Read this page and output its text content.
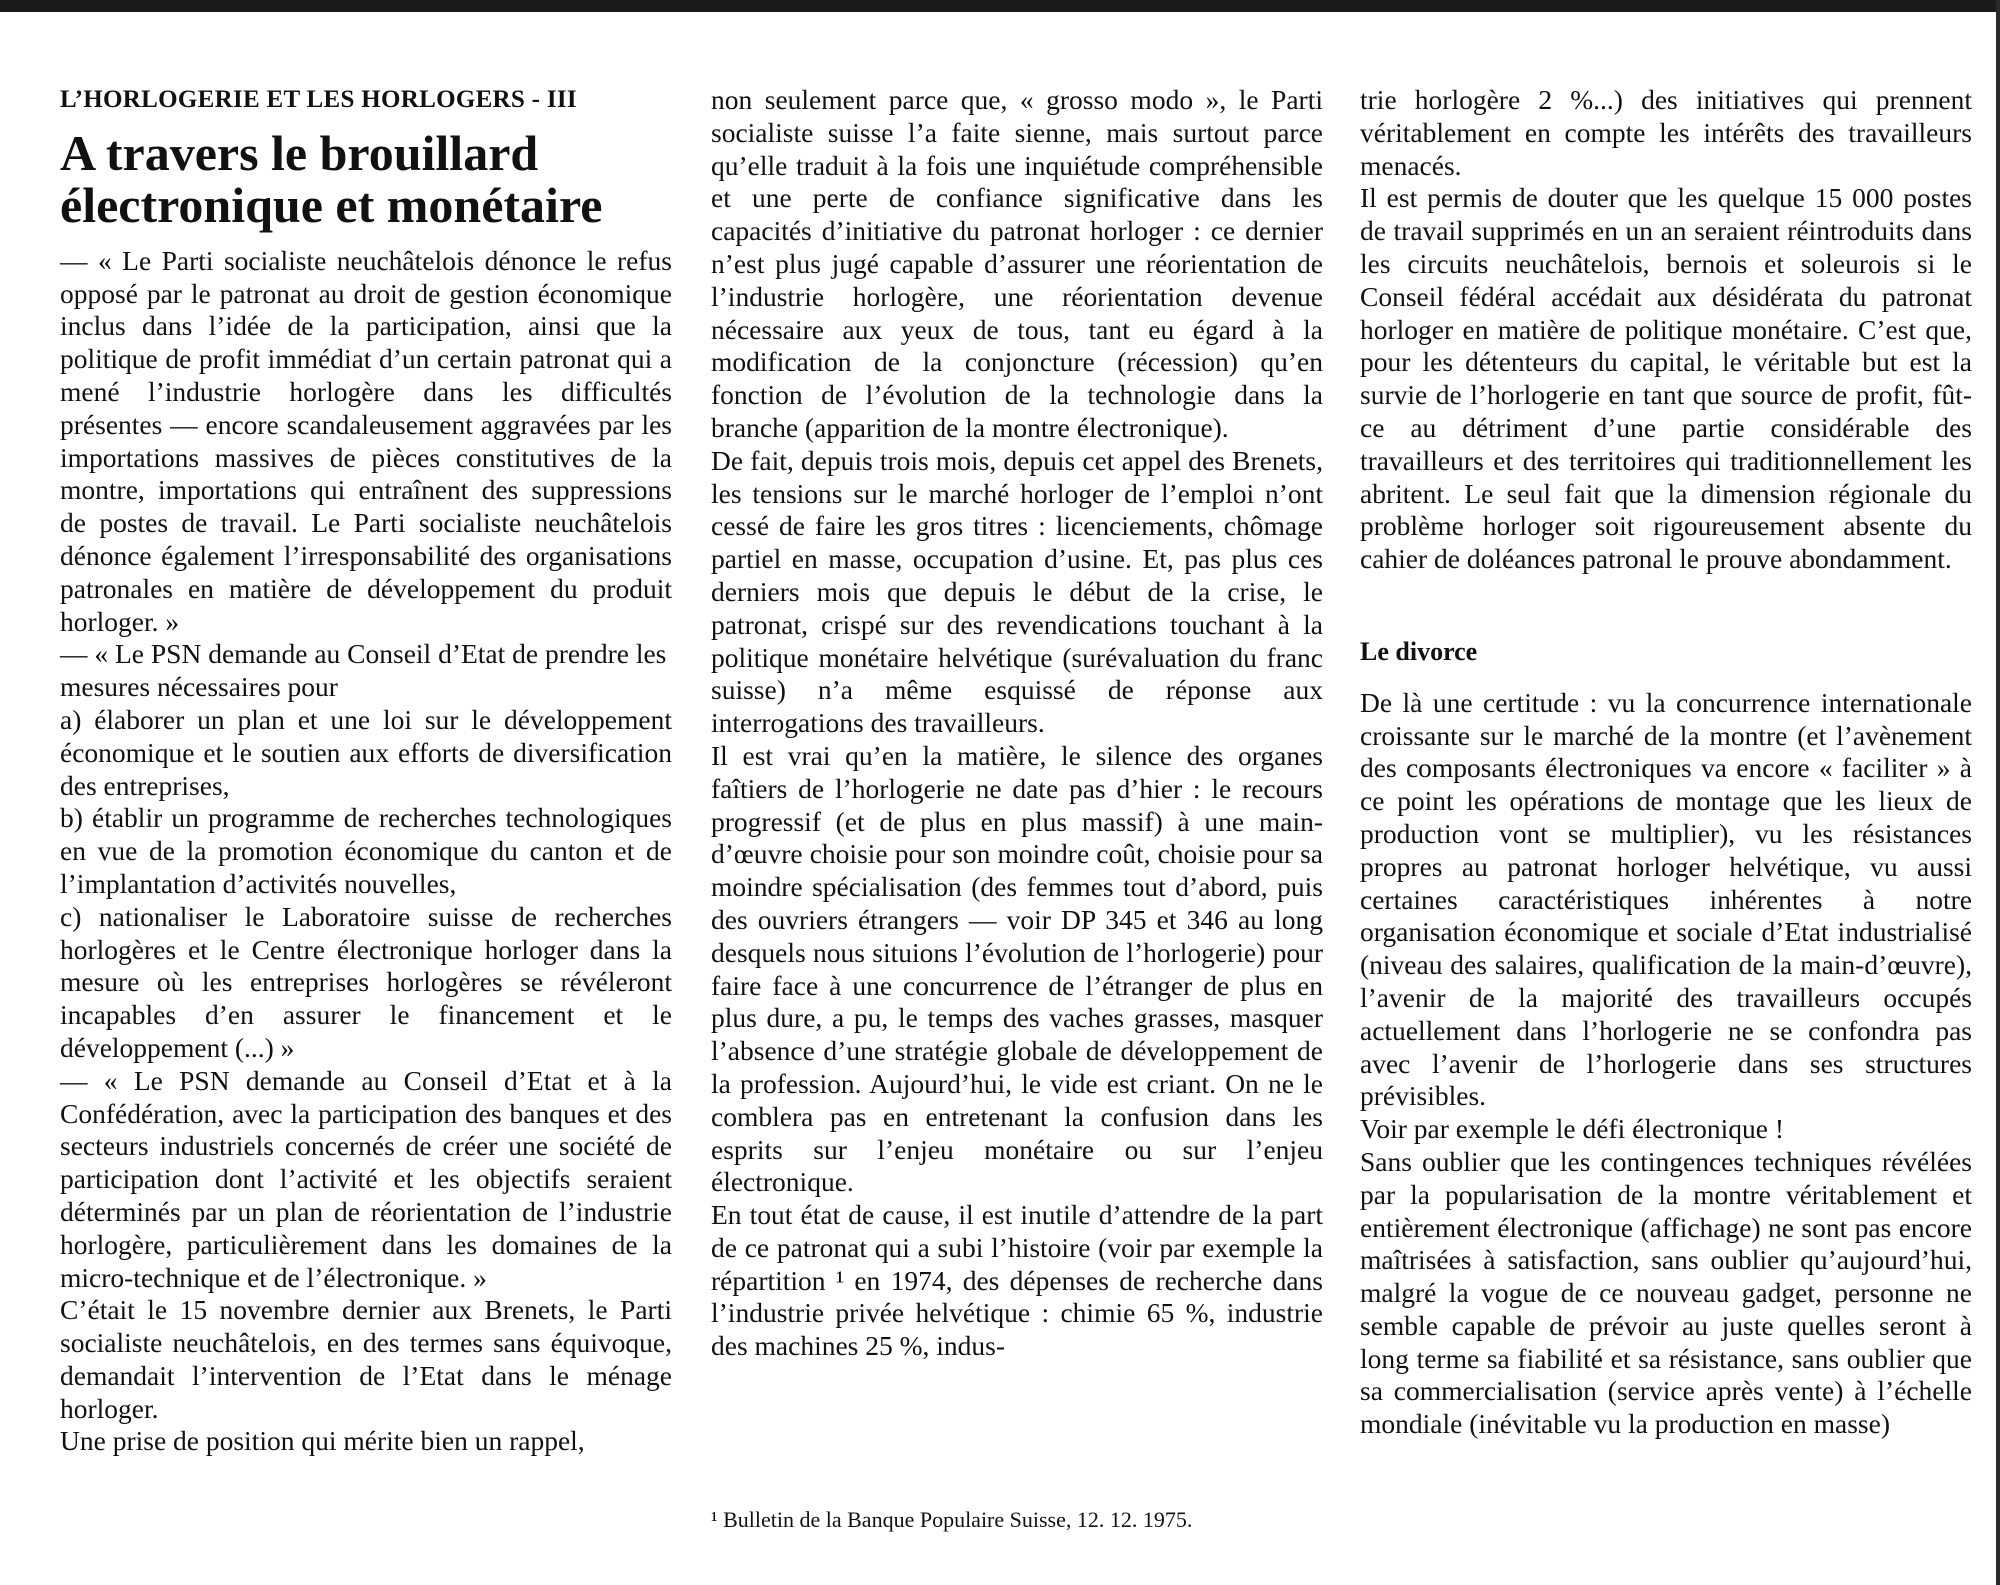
L’HORLOGERIE ET LES HORLOGERS - III

A travers le brouillard
électronique et monétaire

— « Le Parti socialiste neuchâtelois dénonce le refus opposé par le patronat au droit de gestion économique inclus dans l’idée de la participation, ainsi que la politique de profit immédiat d’un certain patronat qui a mené l’industrie horlogère dans les difficultés présentes — encore scandaleusement aggravées par les importations massives de pièces constitutives de la montre, importations qui entraînent des suppressions de postes de travail. Le Parti socialiste neuchâtelois dénonce également l’irresponsabilité des organisations patronales en matière de développement du produit horloger. »

— « Le PSN demande au Conseil d’Etat de prendre les mesures nécessaires pour

a) élaborer un plan et une loi sur le développement économique et le soutien aux efforts de diversification des entreprises,

b) établir un programme de recherches technologiques en vue de la promotion économique du canton et de l’implantation d’activités nouvelles,

c) nationaliser le Laboratoire suisse de recherches horlogères et le Centre électronique horloger dans la mesure où les entreprises horlogères se révéleront incapables d’en assurer le financement et le développement (...) »

— « Le PSN demande au Conseil d’Etat et à la Confédération, avec la participation des banques et des secteurs industriels concernés de créer une société de participation dont l’activité et les objectifs seraient déterminés par un plan de réorientation de l’industrie horlogère, particulièrement dans les domaines de la micro-technique et de l’électronique. »

C’était le 15 novembre dernier aux Brenets, le Parti socialiste neuchâtelois, en des termes sans équivoque, demandait l’intervention de l’Etat dans le ménage horloger.

Une prise de position qui mérite bien un rappel,

non seulement parce que, « grosso modo », le Parti socialiste suisse l’a faite sienne, mais surtout parce qu’elle traduit à la fois une inquiétude compréhensible et une perte de confiance significative dans les capacités d’initiative du patronat horloger : ce dernier n’est plus jugé capable d’assurer une réorientation de l’industrie horlogère, une réorientation devenue nécessaire aux yeux de tous, tant eu égard à la modification de la conjoncture (récession) qu’en fonction de l’évolution de la technologie dans la branche (apparition de la montre électronique).

De fait, depuis trois mois, depuis cet appel des Brenets, les tensions sur le marché horloger de l’emploi n’ont cessé de faire les gros titres : licenciements, chômage partiel en masse, occupation d’usine. Et, pas plus ces derniers mois que depuis le début de la crise, le patronat, crispé sur des revendications touchant à la politique monétaire helvétique (surévaluation du franc suisse) n’a même esquissé de réponse aux interrogations des travailleurs.

Il est vrai qu’en la matière, le silence des organes faîtiers de l’horlogerie ne date pas d’hier : le recours progressif (et de plus en plus massif) à une main-d’œuvre choisie pour son moindre coût, choisie pour sa moindre spécialisation (des femmes tout d’abord, puis des ouvriers étrangers — voir DP 345 et 346 au long desquels nous situions l’évolution de l’horlogerie) pour faire face à une concurrence de l’étranger de plus en plus dure, a pu, le temps des vaches grasses, masquer l’absence d’une stratégie globale de développement de la profession. Aujourd’hui, le vide est criant. On ne le comblera pas en entretenant la confusion dans les esprits sur l’enjeu monétaire ou sur l’enjeu électronique.

En tout état de cause, il est inutile d’attendre de la part de ce patronat qui a subi l’histoire (voir par exemple la répartition ¹ en 1974, des dépenses de recherche dans l’industrie privée helvétique : chimie 65 %, industrie des machines 25 %, indus-

¹ Bulletin de la Banque Populaire Suisse, 12. 12. 1975.

trie horlogère 2 %...) des initiatives qui prennent véritablement en compte les intérêts des travailleurs menacés.

Il est permis de douter que les quelque 15 000 postes de travail supprimés en un an seraient réintroduits dans les circuits neuchâtelois, bernois et soleurois si le Conseil fédéral accédait aux désidérata du patronat horloger en matière de politique monétaire. C’est que, pour les détenteurs du capital, le véritable but est la survie de l’horlogerie en tant que source de profit, fût-ce au détriment d’une partie considérable des travailleurs et des territoires qui traditionnellement les abritent. Le seul fait que la dimension régionale du problème horloger soit rigoureusement absente du cahier de doléances patronal le prouve abondamment.

Le divorce

De là une certitude : vu la concurrence internationale croissante sur le marché de la montre (et l’avènement des composants électroniques va encore « faciliter » à ce point les opérations de montage que les lieux de production vont se multiplier), vu les résistances propres au patronat horloger helvétique, vu aussi certaines caractéristiques inhérentes à notre organisation économique et sociale d’Etat industrialisé (niveau des salaires, qualification de la main-d’œuvre), l’avenir de la majorité des travailleurs occupés actuellement dans l’horlogerie ne se confondra pas avec l’avenir de l’horlogerie dans ses structures prévisibles.

Voir par exemple le défi électronique !

Sans oublier que les contingences techniques révélées par la popularisation de la montre véritablement et entièrement électronique (affichage) ne sont pas encore maîtrisées à satisfaction, sans oublier qu’aujourd’hui, malgré la vogue de ce nouveau gadget, personne ne semble capable de prévoir au juste quelles seront à long terme sa fiabilité et sa résistance, sans oublier que sa commercialisation (service après vente) à l’échelle mondiale (inévitable vu la production en masse)
